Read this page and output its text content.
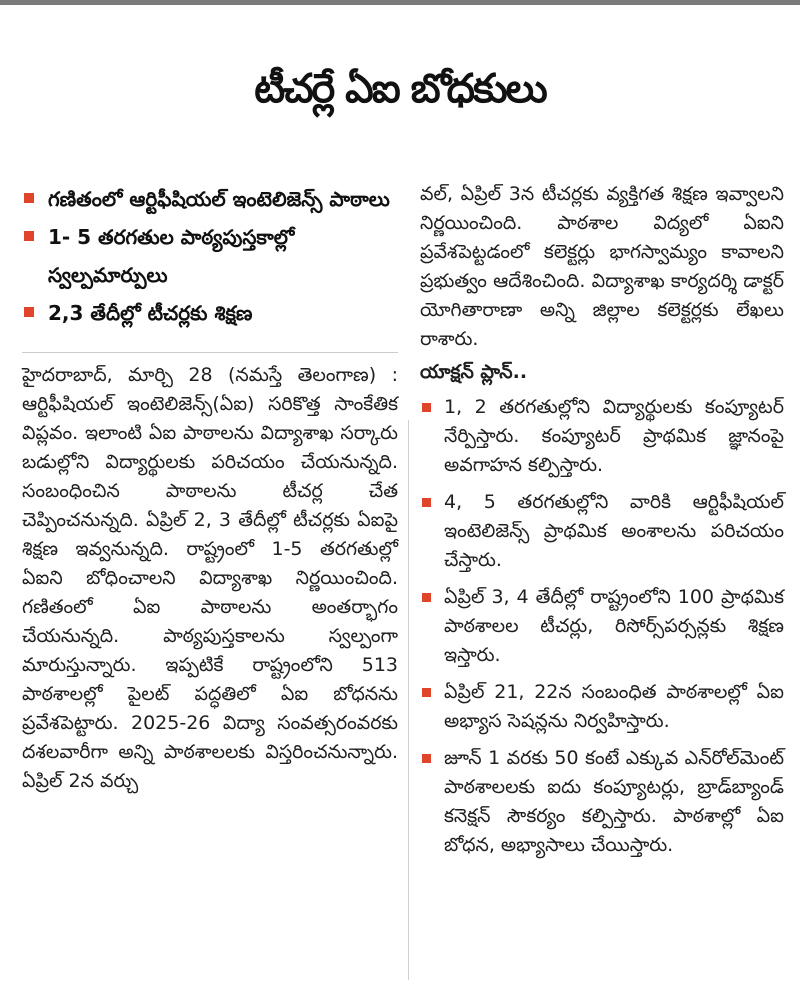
టీచర్లే ఏఐ బోధకులు
గణితంలో ఆర్టిఫీషియల్ ఇంటెలిజెన్స్ పాఠాలు
1- 5 తరగతుల పాఠ్యపుస్తకాల్లో స్వల్పమార్పులు
2,3 తేదీల్లో టీచర్లకు శిక్షణ

హైదరాబాద్, మార్చి 28 (నమస్తే తెలంగాణ) : ఆర్టిఫీషియల్ ఇంటెలిజెన్స్(ఏఐ) సరికొత్త సాంకేతిక విప్లవం. ఇలాంటి ఏఐ పాఠాలను విద్యాశాఖ సర్కారు బడుల్లోని విద్యార్థులకు పరిచయం చేయనున్నది. సంబంధించిన పాఠాలను టీచర్ల చేత చెప్పించనున్నది. ఏప్రిల్ 2, 3 తేదీల్లో టీచర్లకు ఏఐపై శిక్షణ ఇవ్వనున్నది. రాష్ట్రంలో 1-5 తరగతుల్లో ఏఐని బోధించాలని విద్యాశాఖ నిర్ణయించింది. గణితంలో ఏఐ పాఠాలను అంతర్భాగం చేయనున్నది. పాఠ్యపుస్తకాలను స్వల్పంగా మారుస్తున్నారు. ఇప్పటికే రాష్ట్రంలోని 513 పాఠశాలల్లో పైలట్ పద్ధతిలో ఏఐ బోధనను ప్రవేశపెట్టారు. 2025-26 విద్యా సంవత్సరంవరకు దశలవారీగా అన్ని పాఠశాలలకు విస్తరించనున్నారు. ఏప్రిల్ 2న వర్చు

వల్, ఏప్రిల్ 3న టీచర్లకు వ్యక్తిగత శిక్షణ ఇవ్వాలని నిర్ణయించింది. పాఠశాల విద్యలో ఏఐని ప్రవేశపెట్టడంలో కలెక్టర్లు భాగస్వామ్యం కావాలని ప్రభుత్వం ఆదేశించింది. విద్యాశాఖ కార్యదర్శి డాక్టర్ యోగితారాణా అన్ని జిల్లాల కలెక్టర్లకు లేఖలు రాశారు.

యాక్షన్ ప్లాన్..
1, 2 తరగతుల్లోని విద్యార్థులకు కంప్యూటర్ నేర్పిస్తారు. కంప్యూటర్ ప్రాథమిక జ్ఞానంపై అవగాహన కల్పిస్తారు.
4, 5 తరగతుల్లోని వారికి ఆర్టిఫీషియల్ ఇంటెలిజెన్స్ ప్రాథమిక అంశాలను పరిచయం చేస్తారు.
ఏప్రిల్ 3, 4 తేదీల్లో రాష్ట్రంలోని 100 ప్రాథమిక పాఠశాలల టీచర్లు, రిసోర్స్‌పర్సన్లకు శిక్షణ ఇస్తారు.
ఏప్రిల్ 21, 22న సంబంధిత పాఠశాలల్లో ఏఐ అభ్యాస సెషన్లను నిర్వహిస్తారు.
జూన్ 1 వరకు 50 కంటే ఎక్కువ ఎన్‌రోల్‌మెంట్ పాఠశాలలకు ఐదు కంప్యూటర్లు, బ్రాడ్‌బ్యాండ్ కనెక్షన్ సౌకర్యం కల్పిస్తారు. పాఠశాల్లో ఏఐ బోధన, అభ్యాసాలు చేయిస్తారు.
